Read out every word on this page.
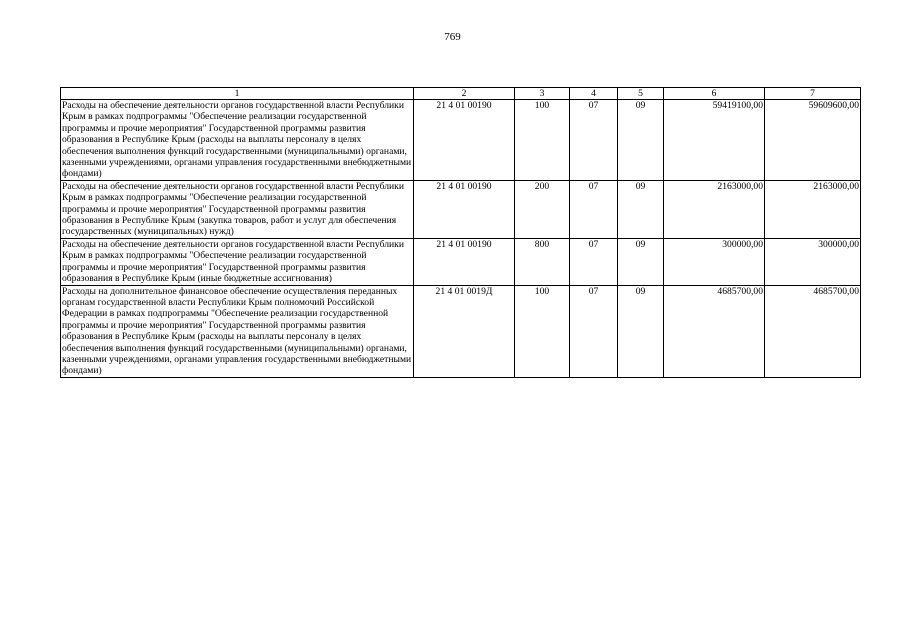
769
1	2	3	4	5	6	7
Расходы на обеспечение деятельности органов государственной власти Республики Крым в рамках подпрограммы "Обеспечение реализации государственной программы и прочие мероприятия" Государственной программы развития образования в Республике Крым (расходы на выплаты персоналу в целях обеспечения выполнения функций государственными (муниципальными) органами, казенными учреждениями, органами управления государственными внебюджетными фондами)	21 4 01 00190	100	07	09	59419100,00	59609600,00
Расходы на обеспечение деятельности органов государственной власти Республики Крым в рамках подпрограммы "Обеспечение реализации государственной программы и прочие мероприятия" Государственной программы развития образования в Республике Крым (закупка товаров, работ и услуг для обеспечения государственных (муниципальных) нужд)	21 4 01 00190	200	07	09	2163000,00	2163000,00
Расходы на обеспечение деятельности органов государственной власти Республики Крым в рамках подпрограммы "Обеспечение реализации государственной программы и прочие мероприятия" Государственной программы развития образования в Республике Крым (иные бюджетные ассигнования)	21 4 01 00190	800	07	09	300000,00	300000,00
Расходы на дополнительное финансовое обеспечение осуществления переданных органам государственной власти Республики Крым полномочий Российской Федерации в рамках подпрограммы "Обеспечение реализации государственной программы и прочие мероприятия" Государственной программы развития образования в Республике Крым (расходы на выплаты персоналу в целях обеспечения выполнения функций государственными (муниципальными) органами, казенными учреждениями, органами управления государственными внебюджетными фондами)	21 4 01 0019Д	100	07	09	4685700,00	4685700,00
